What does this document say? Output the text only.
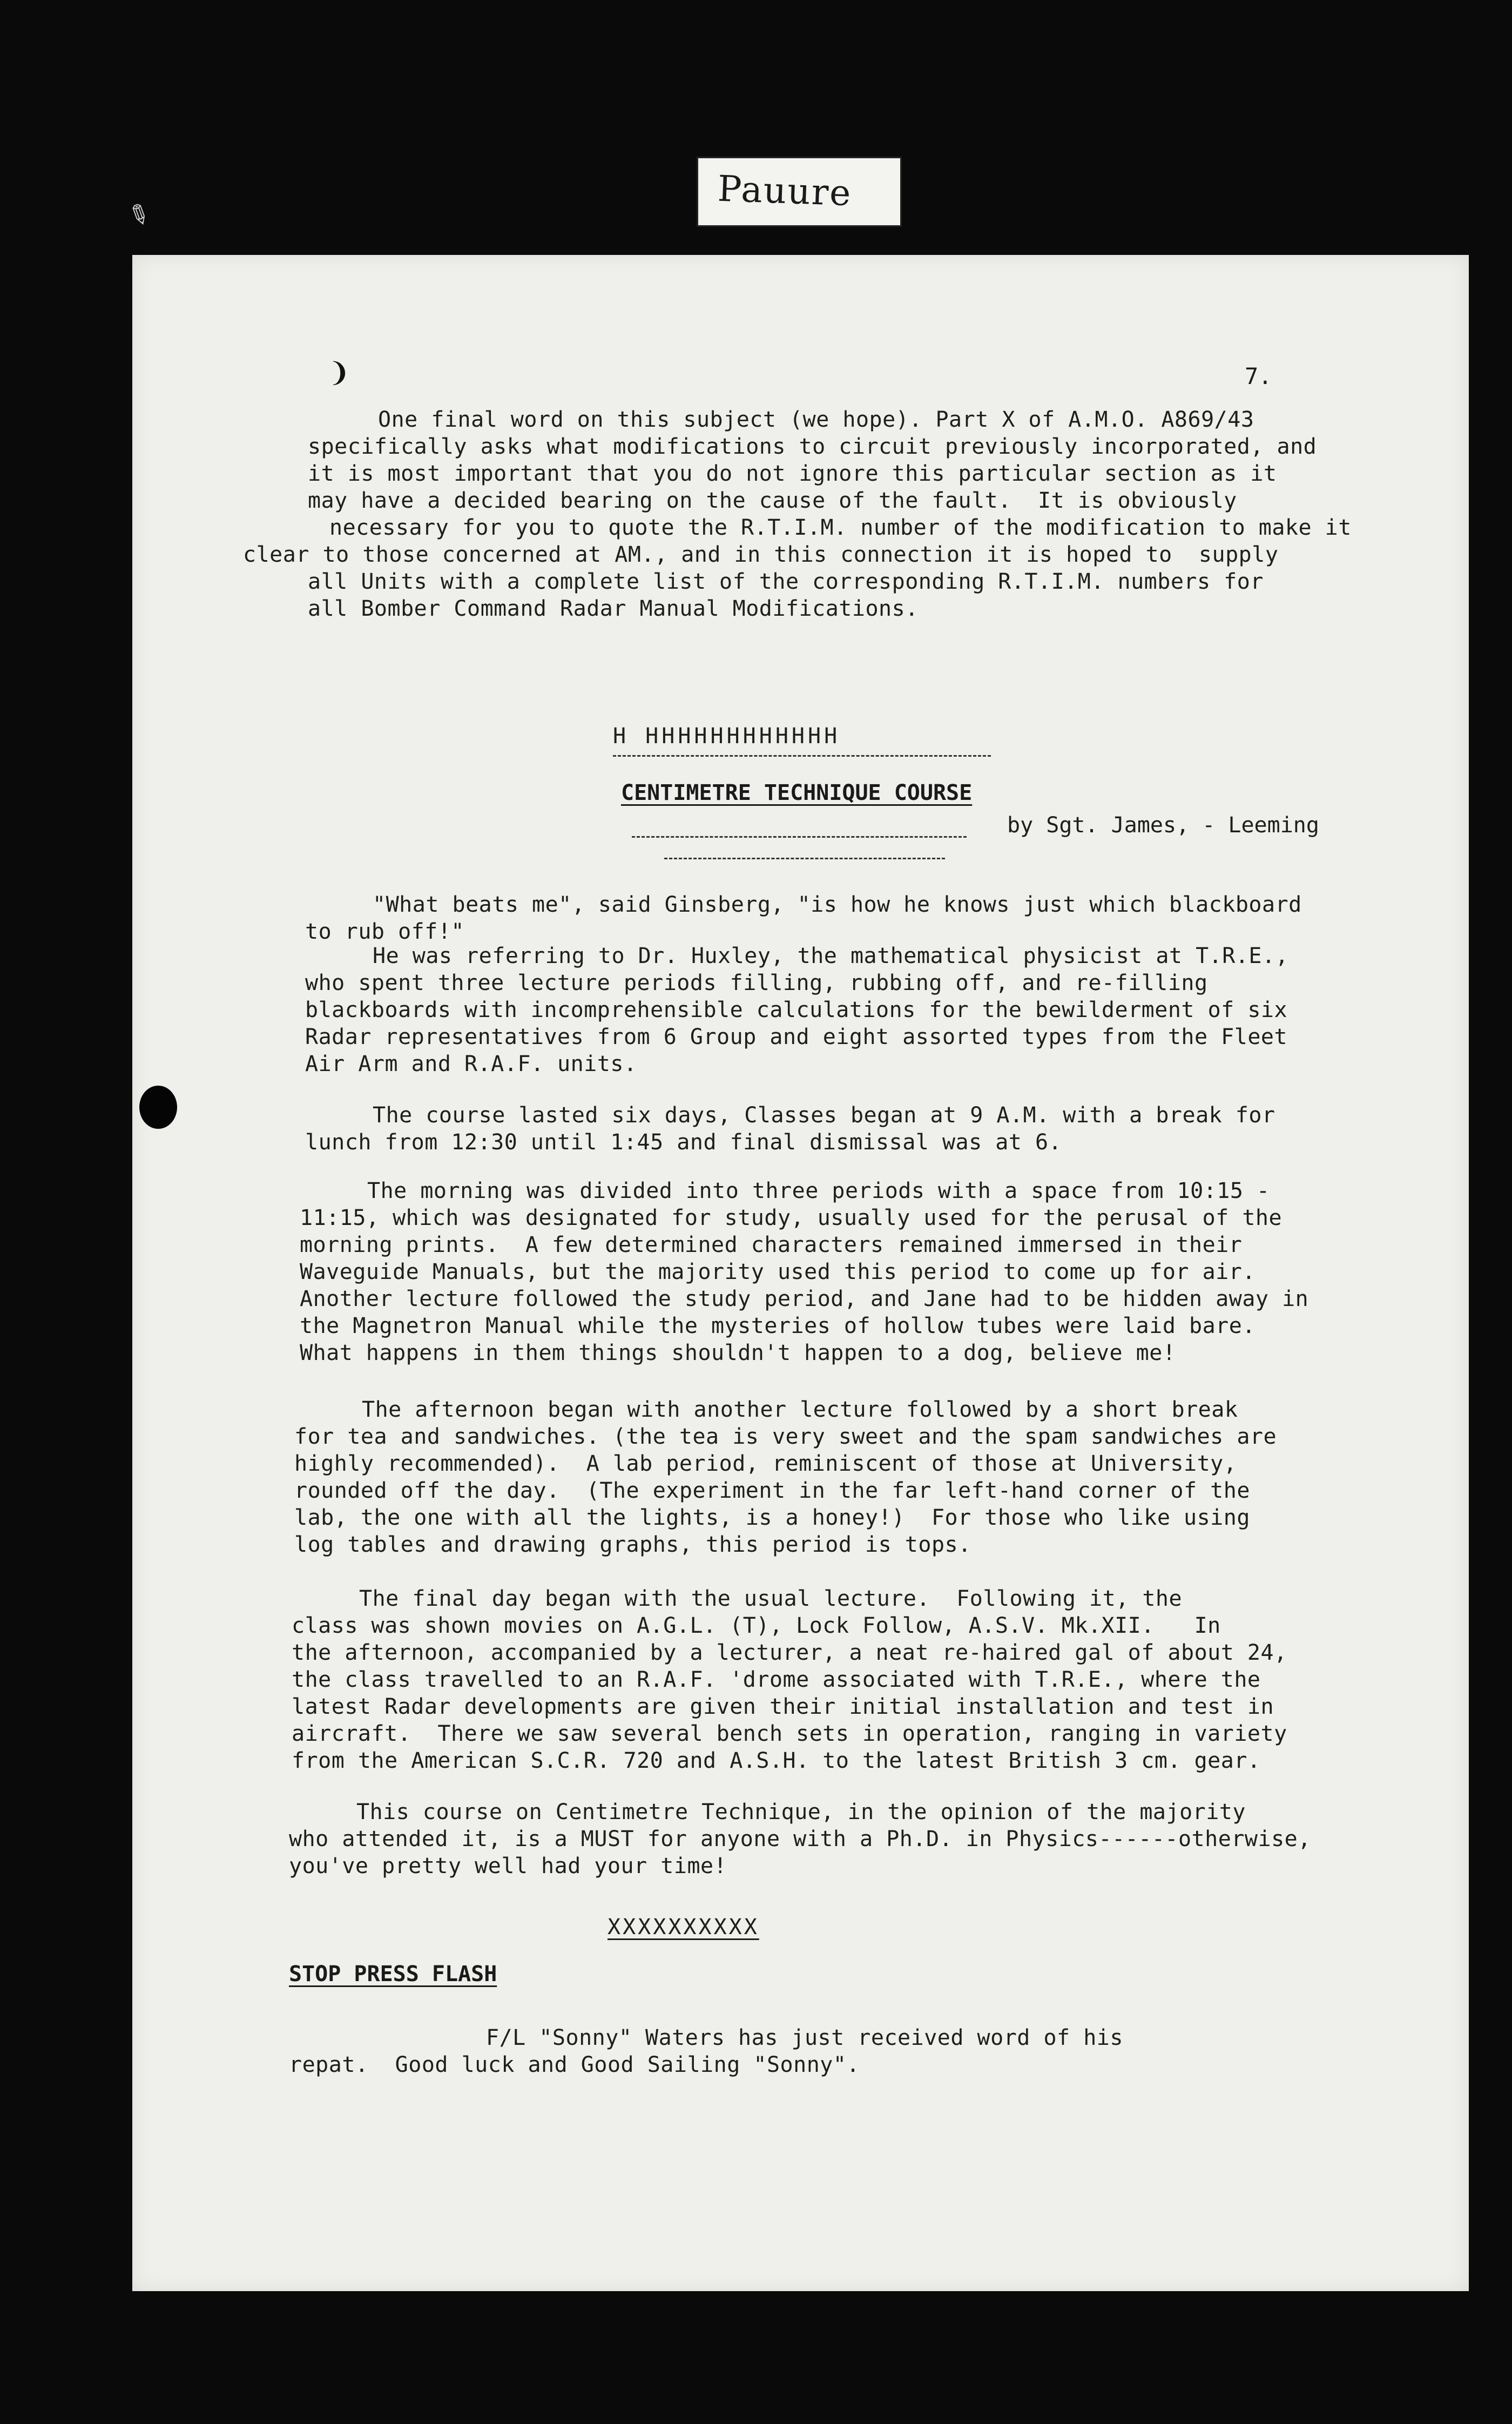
✎	Pauure
❩	7.
One final word on this subject (we hope). Part X of A.M.O. A869/43
specifically asks what modifications to circuit previously incorporated, and
it is most important that you do not ignore this particular section as it
may have a decided bearing on the cause of the fault.  It is obviously
necessary for you to quote the R.T.I.M. number of the modification to make it
clear to those concerned at AM., and in this connection it is hoped to  supply
all Units with a complete list of the corresponding R.T.I.M. numbers for
all Bomber Command Radar Manual Modifications.
H HHHHHHHHHHHH
CENTIMETRE TECHNIQUE COURSE
by Sgt. James, - Leeming
"What beats me", said Ginsberg, "is how he knows just which blackboard
to rub off!"
He was referring to Dr. Huxley, the mathematical physicist at T.R.E.,
who spent three lecture periods filling, rubbing off, and re-filling
blackboards with incomprehensible calculations for the bewilderment of six
Radar representatives from 6 Group and eight assorted types from the Fleet
Air Arm and R.A.F. units.
The course lasted six days, Classes began at 9 A.M. with a break for
lunch from 12:30 until 1:45 and final dismissal was at 6.
The morning was divided into three periods with a space from 10:15 -
11:15, which was designated for study, usually used for the perusal of the
morning prints.  A few determined characters remained immersed in their
Waveguide Manuals, but the majority used this period to come up for air.
Another lecture followed the study period, and Jane had to be hidden away in
the Magnetron Manual while the mysteries of hollow tubes were laid bare.
What happens in them things shouldn't happen to a dog, believe me!
The afternoon began with another lecture followed by a short break
for tea and sandwiches. (the tea is very sweet and the spam sandwiches are
highly recommended).  A lab period, reminiscent of those at University,
rounded off the day.  (The experiment in the far left-hand corner of the
lab, the one with all the lights, is a honey!)  For those who like using
log tables and drawing graphs, this period is tops.
The final day began with the usual lecture.  Following it, the
class was shown movies on A.G.L. (T), Lock Follow, A.S.V. Mk.XII.   In
the afternoon, accompanied by a lecturer, a neat re-haired gal of about 24,
the class travelled to an R.A.F. 'drome associated with T.R.E., where the
latest Radar developments are given their initial installation and test in
aircraft.  There we saw several bench sets in operation, ranging in variety
from the American S.C.R. 720 and A.S.H. to the latest British 3 cm. gear.
This course on Centimetre Technique, in the opinion of the majority
who attended it, is a MUST for anyone with a Ph.D. in Physics------otherwise,
you've pretty well had your time!
XXXXXXXXXX
STOP PRESS FLASH
F/L "Sonny" Waters has just received word of his
repat.  Good luck and Good Sailing "Sonny".
